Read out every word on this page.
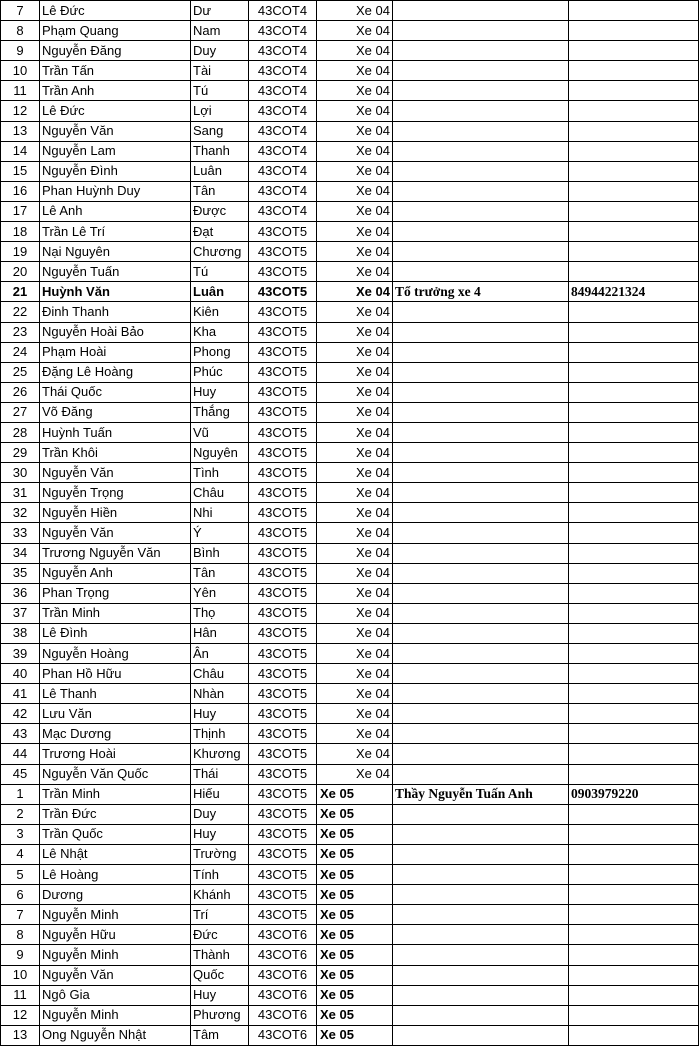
7	Lê Đức	Dư	43COT4	Xe 04		
8	Phạm Quang	Nam	43COT4	Xe 04		
9	Nguyễn Đăng	Duy	43COT4	Xe 04		
10	Trần Tấn	Tài	43COT4	Xe 04		
11	Trần Anh	Tú	43COT4	Xe 04		
12	Lê Đức	Lợi	43COT4	Xe 04		
13	Nguyễn Văn	Sang	43COT4	Xe 04		
14	Nguyễn Lam	Thanh	43COT4	Xe 04		
15	Nguyễn Đình	Luân	43COT4	Xe 04		
16	Phan Huỳnh Duy	Tân	43COT4	Xe 04		
17	Lê Anh	Được	43COT4	Xe 04		
18	Trần Lê Trí	Đạt	43COT5	Xe 04		
19	Nại Nguyên	Chương	43COT5	Xe 04		
20	Nguyễn Tuấn	Tú	43COT5	Xe 04		
21	Huỳnh Văn	Luân	43COT5	Xe 04	Tổ trưởng xe 4	84944221324
22	Đinh Thanh	Kiên	43COT5	Xe 04		
23	Nguyễn Hoài Bảo	Kha	43COT5	Xe 04		
24	Phạm Hoài	Phong	43COT5	Xe 04		
25	Đặng Lê Hoàng	Phúc	43COT5	Xe 04		
26	Thái Quốc	Huy	43COT5	Xe 04		
27	Võ Đăng	Thắng	43COT5	Xe 04		
28	Huỳnh Tuấn	Vũ	43COT5	Xe 04		
29	Trần Khôi	Nguyên	43COT5	Xe 04		
30	Nguyễn Văn	Tình	43COT5	Xe 04		
31	Nguyễn Trọng	Châu	43COT5	Xe 04		
32	Nguyễn Hiền	Nhi	43COT5	Xe 04		
33	Nguyễn Văn	Ý	43COT5	Xe 04		
34	Trương Nguyễn Văn	Bình	43COT5	Xe 04		
35	Nguyễn Anh	Tân	43COT5	Xe 04		
36	Phan Trọng	Yên	43COT5	Xe 04		
37	Trần Minh	Thọ	43COT5	Xe 04		
38	Lê Đình	Hân	43COT5	Xe 04		
39	Nguyễn Hoàng	Ân	43COT5	Xe 04		
40	Phan Hồ Hữu	Châu	43COT5	Xe 04		
41	Lê Thanh	Nhàn	43COT5	Xe 04		
42	Lưu Văn	Huy	43COT5	Xe 04		
43	Mạc Dương	Thịnh	43COT5	Xe 04		
44	Trương Hoài	Khương	43COT5	Xe 04		
45	Nguyễn Văn Quốc	Thái	43COT5	Xe 04		
1	Trần Minh	Hiếu	43COT5	Xe 05	Thầy Nguyễn Tuấn Anh	0903979220
2	Trần Đức	Duy	43COT5	Xe 05		
3	Trần Quốc	Huy	43COT5	Xe 05		
4	Lê Nhật	Trường	43COT5	Xe 05		
5	Lê Hoàng	Tính	43COT5	Xe 05		
6	Dương	Khánh	43COT5	Xe 05		
7	Nguyễn Minh	Trí	43COT5	Xe 05		
8	Nguyễn Hữu	Đức	43COT6	Xe 05		
9	Nguyễn Minh	Thành	43COT6	Xe 05		
10	Nguyễn Văn	Quốc	43COT6	Xe 05		
11	Ngô Gia	Huy	43COT6	Xe 05		
12	Nguyễn Minh	Phương	43COT6	Xe 05		
13	Ong Nguyễn Nhật	Tâm	43COT6	Xe 05		
